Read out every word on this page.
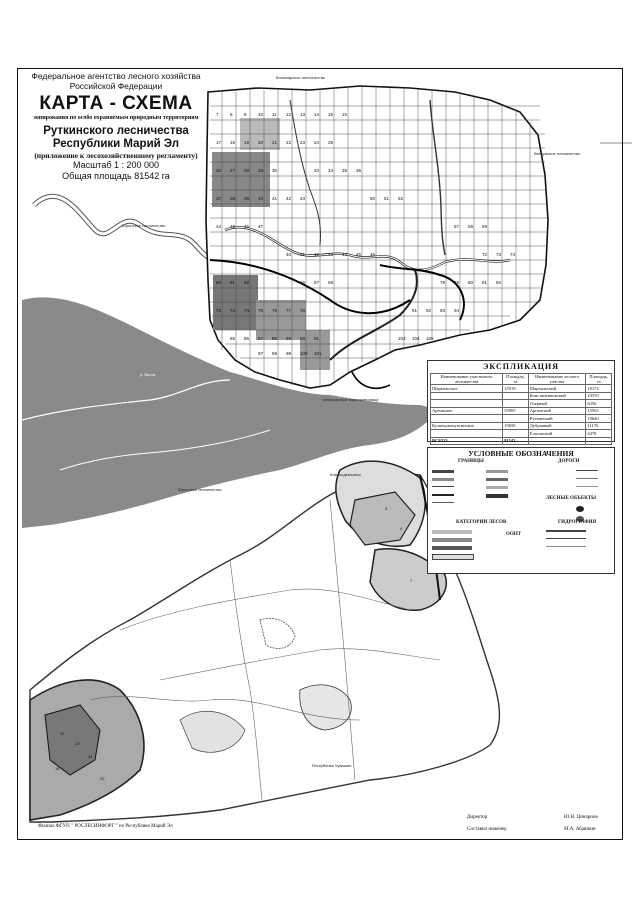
7	8	9	10 11 12 13 14 15 16
17 18 19 20 21 22 23 24 25
26 27 28 29 30	33 34 35 36
37 38 39 40 41 42 43	50 51 52
44 45 46 47	57 58 59
40 41 42 43 44 45 46	72 73 74
60 61 62	56 57 58	78 79 80 81 82
72 73 74 75 76 77 78	91 92 93 94
85 86 87 88 89 90 91	103 104 105
97 98 99 100 101
12
13
14
18
22
3
4
7
Федеральное агентство лесного хозяйства
Российской Федерации
КАРТА - СХЕМА
зонирования по особо охраняемым природным территориям
Руткинского лесничества
Республики Марий Эл
(приложение к лесохозяйственному регламенту)
Масштаб 1 : 200 000
Общая площадь 81542 га
Килемарское лесничество
Ветлужское лесничество
Юринское лесничество
Чебоксарское водохранилище
Юринское лесничество
р. Волга
Республика Чувашия
Козьмодемьянск
ЭКСПЛИКАЦИЯ
Наименование участкового лесничества	Площадь, га	Наименование лесного участка	Площадь, га
Шарьяльское	15919	Шарьяльский	10173
		Константиновский	10370
		Озерный	6356
Аргинское	55905	Аргинский	15563
		Руткинский	19640
Кузнецовонуксинское	19658	Дубравный	11176
		Еласовский	4478
ВСЕГО	81542		
УСЛОВНЫЕ ОБОЗНАЧЕНИЯ
ГРАНИЦЫ	ДОРОГИ
ЛЕСНЫЕ ОБЪЕКТЫ
КАТЕГОРИИ ЛЕСОВ	ГИДРОГРАФИЯ
ООПТ
Директор	Ю.Н. Цинарнов
Составил инженер	М.А. Абашкин
Филиал ФГУП " РОСЛЕСИНФОРГ " по Республике Марий Эл
